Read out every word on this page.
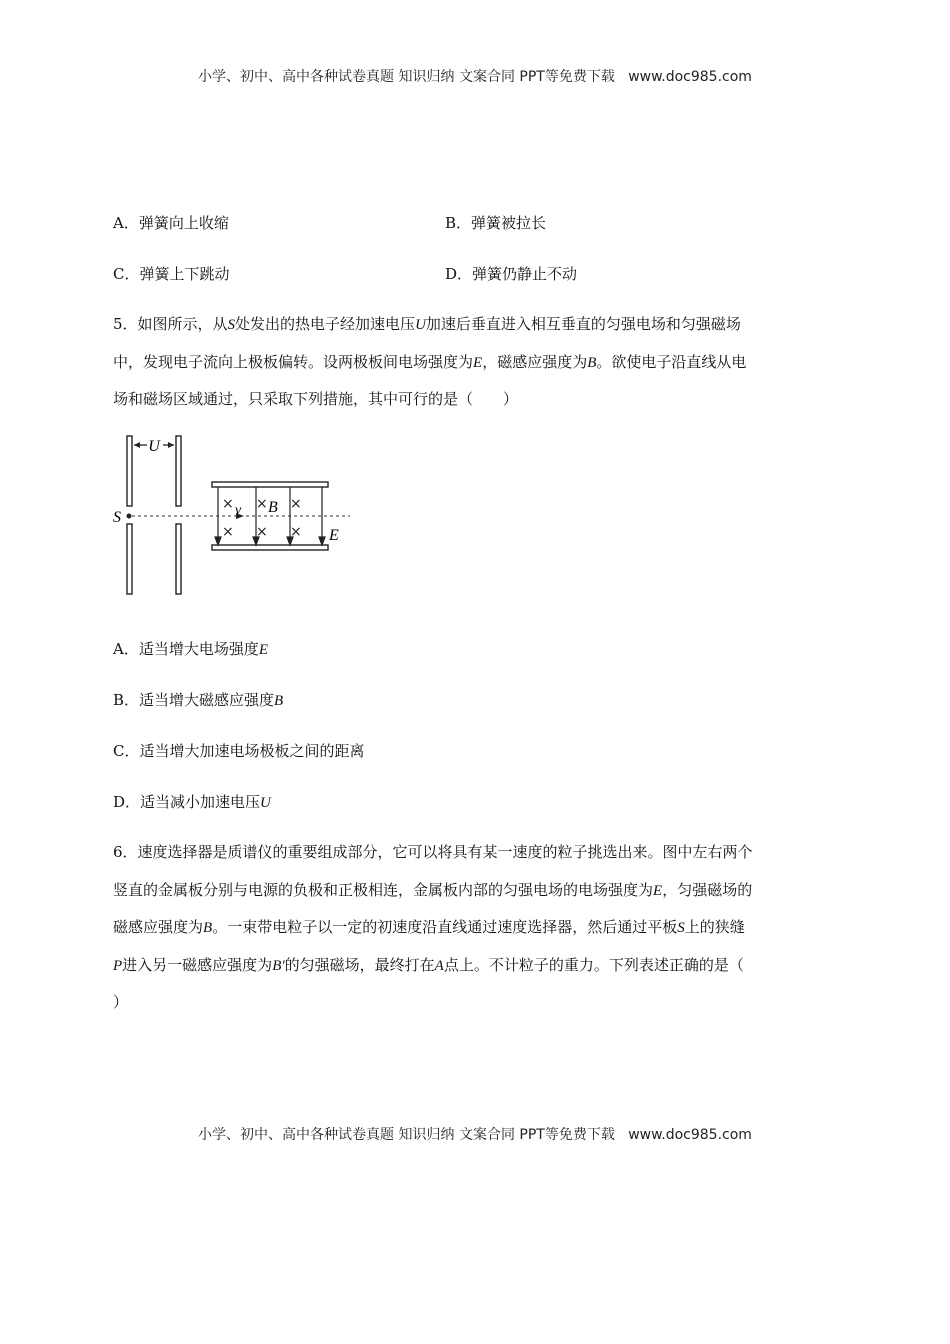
小学、初中、高中各种试卷真题 知识归纳 文案合同 PPT等免费下载 www.doc985.com
A．弹簧向上收缩	B．弹簧被拉长
C．弹簧上下跳动	D．弹簧仍静止不动
5．如图所示，从S处发出的热电子经加速电压U加速后垂直进入相互垂直的匀强电场和匀强磁场
中，发现电子流向上极板偏转。设两极板间电场强度为E，磁感应强度为B。欲使电子沿直线从电
场和磁场区域通过，只采取下列措施，其中可行的是（　　）
U
S	v
× × ×
× × ×
B
E
A．适当增大电场强度E
B．适当增大磁感应强度B
C．适当增大加速电场极板之间的距离
D．适当减小加速电压U
6．速度选择器是质谱仪的重要组成部分，它可以将具有某一速度的粒子挑选出来。图中左右两个
竖直的金属板分别与电源的负极和正极相连，金属板内部的匀强电场的电场强度为E，匀强磁场的
磁感应强度为B。一束带电粒子以一定的初速度沿直线通过速度选择器，然后通过平板S上的狭缝
P进入另一磁感应强度为B′的匀强磁场，最终打在A点上。不计粒子的重力。下列表述正确的是（
）
小学、初中、高中各种试卷真题 知识归纳 文案合同 PPT等免费下载 www.doc985.com
